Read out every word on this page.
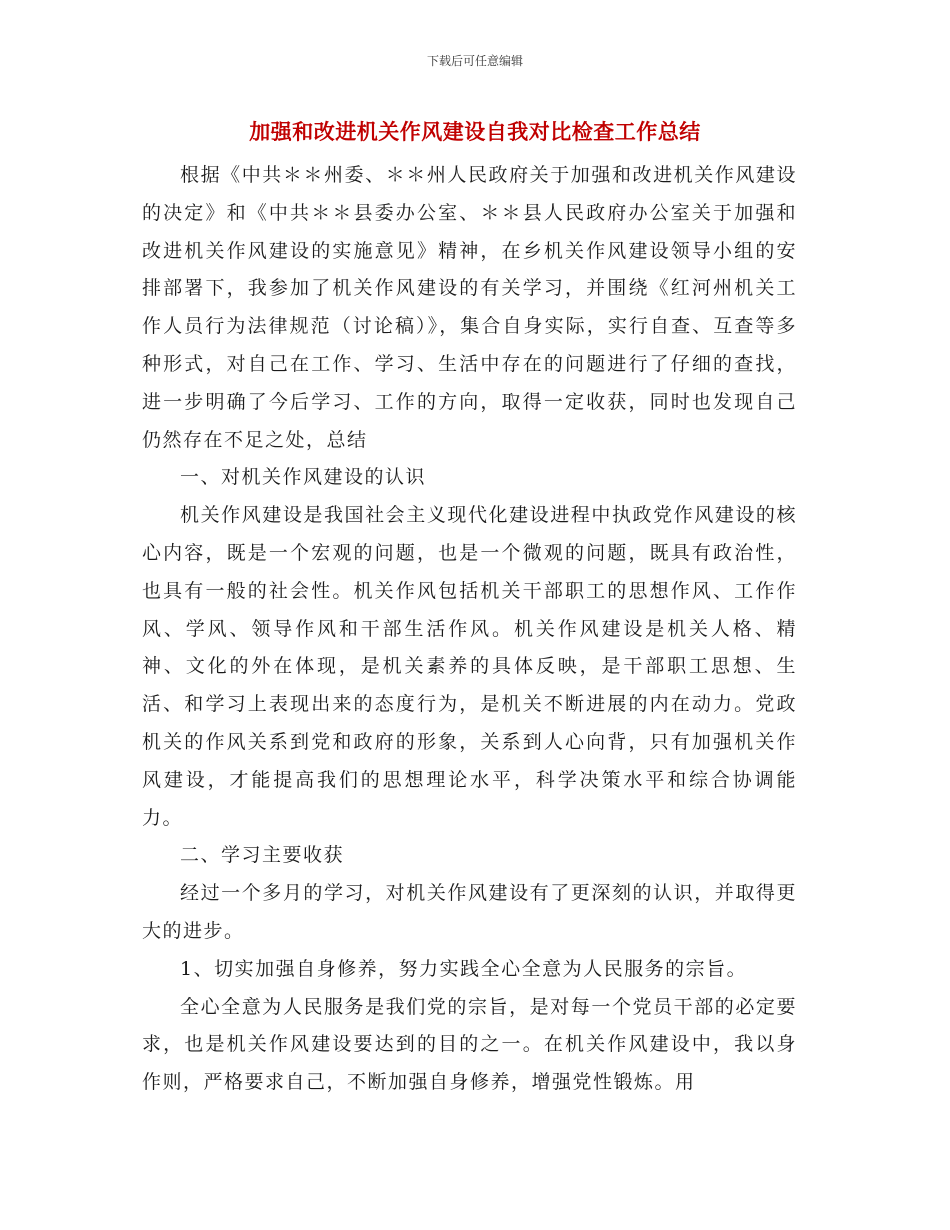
下载后可任意编辑
加强和改进机关作风建设自我对比检查工作总结

根据《中共＊＊州委、＊＊州人民政府关于加强和改进机关作风建设的决定》和《中共＊＊县委办公室、＊＊县人民政府办公室关于加强和改进机关作风建设的实施意见》精神，在乡机关作风建设领导小组的安排部署下，我参加了机关作风建设的有关学习，并围绕《红河州机关工作人员行为法律规范（讨论稿）》，集合自身实际，实行自查、互查等多种形式，对自己在工作、学习、生活中存在的问题进行了仔细的查找，进一步明确了今后学习、工作的方向，取得一定收获，同时也发现自己仍然存在不足之处，总结

一、对机关作风建设的认识

机关作风建设是我国社会主义现代化建设进程中执政党作风建设的核心内容，既是一个宏观的问题，也是一个微观的问题，既具有政治性，也具有一般的社会性。机关作风包括机关干部职工的思想作风、工作作风、学风、领导作风和干部生活作风。机关作风建设是机关人格、精神、文化的外在体现，是机关素养的具体反映，是干部职工思想、生活、和学习上表现出来的态度行为，是机关不断进展的内在动力。党政机关的作风关系到党和政府的形象，关系到人心向背，只有加强机关作风建设，才能提高我们的思想理论水平，科学决策水平和综合协调能力。

二、学习主要收获

经过一个多月的学习，对机关作风建设有了更深刻的认识，并取得更大的进步。

1、切实加强自身修养，努力实践全心全意为人民服务的宗旨。

全心全意为人民服务是我们党的宗旨，是对每一个党员干部的必定要求，也是机关作风建设要达到的目的之一。在机关作风建设中，我以身作则，严格要求自己，不断加强自身修养，增强党性锻炼。用
